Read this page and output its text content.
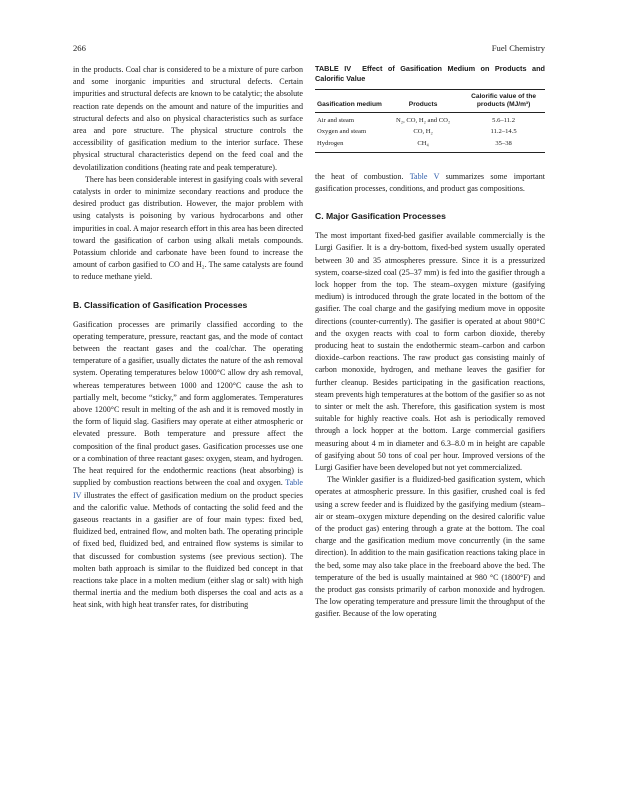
266	Fuel Chemistry

in the products. Coal char is considered to be a mixture of pure carbon and some inorganic impurities and structural defects. Certain impurities and structural defects are known to be catalytic; the absolute reaction rate depends on the amount and nature of the impurities and structural defects and also on physical characteristics such as surface area and pore structure. The physical structure controls the accessibility of gasification medium to the interior surface. These physical structural characteristics depend on the feed coal and the devolatilization conditions (heating rate and peak temperature).

There has been considerable interest in gasifying coals with several catalysts in order to minimize secondary reactions and produce the desired product gas distribution. However, the major problem with using catalysts is poisoning by various hydrocarbons and other impurities in coal. A major research effort in this area has been directed toward the gasification of carbon using alkali metals compounds. Potassium chloride and carbonate have been found to increase the amount of carbon gasified to CO and H₂. The same catalysts are found to reduce methane yield.

B. Classification of Gasification Processes

Gasification processes are primarily classified according to the operating temperature, pressure, reactant gas, and the mode of contact between the reactant gases and the coal/char. The operating temperature of a gasifier, usually dictates the nature of the ash removal system. Operating temperatures below 1000°C allow dry ash removal, whereas temperatures between 1000 and 1200°C cause the ash to partially melt, become “sticky,” and form agglomerates. Temperatures above 1200°C result in melting of the ash and it is removed mostly in the form of liquid slag. Gasifiers may operate at either atmospheric or elevated pressure. Both temperature and pressure affect the composition of the final product gases. Gasification processes use one or a combination of three reactant gases: oxygen, steam, and hydrogen. The heat required for the endothermic reactions (heat absorbing) is supplied by combustion reactions between the coal and oxygen. Table IV illustrates the effect of gasification medium on the product species and the calorific value. Methods of contacting the solid feed and the gaseous reactants in a gasifier are of four main types: fixed bed, fluidized bed, entrained flow, and molten bath. The operating principle of fixed bed, fluidized bed, and entrained flow systems is similar to that discussed for combustion systems (see previous section). The molten bath approach is similar to the fluidized bed concept in that reactions take place in a molten medium (either slag or salt) with high thermal inertia and the medium both disperses the coal and acts as a heat sink, with high heat transfer rates, for distributing

TABLE IV Effect of Gasification Medium on Products and Calorific Value
Gasification medium	Products	Calorific value of the products (MJ/m³)
Air and steam	N₂, CO, H₂ and CO₂	5.6–11.2
Oxygen and steam	CO, H₂	11.2–14.5
Hydrogen	CH₄	35–38

the heat of combustion. Table V summarizes some important gasification processes, conditions, and product gas compositions.

C. Major Gasification Processes

The most important fixed-bed gasifier available commercially is the Lurgi Gasifier. It is a dry-bottom, fixed-bed system usually operated between 30 and 35 atmospheres pressure. Since it is a pressurized system, coarse-sized coal (25–37 mm) is fed into the gasifier through a lock hopper from the top. The steam–oxygen mixture (gasifying medium) is introduced through the grate located in the bottom of the gasifier. The coal charge and the gasifying medium move in opposite directions (counter-currently). The gasifier is operated at about 980°C and the oxygen reacts with coal to form carbon dioxide, thereby producing heat to sustain the endothermic steam–carbon and carbon dioxide–carbon reactions. The raw product gas consisting mainly of carbon monoxide, hydrogen, and methane leaves the gasifier for further cleanup. Besides participating in the gasification reactions, steam prevents high temperatures at the bottom of the gasifier so as not to sinter or melt the ash. Therefore, this gasification system is most suitable for highly reactive coals. Hot ash is periodically removed through a lock hopper at the bottom. Large commercial gasifiers measuring about 4 m in diameter and 6.3–8.0 m in height are capable of gasifying about 50 tons of coal per hour. Improved versions of the Lurgi Gasifier have been developed but not yet commercialized.

The Winkler gasifier is a fluidized-bed gasification system, which operates at atmospheric pressure. In this gasifier, crushed coal is fed using a screw feeder and is fluidized by the gasifying medium (steam–air or steam–oxygen mixture depending on the desired calorific value of the product gas) entering through a grate at the bottom. The coal charge and the gasification medium move concurrently (in the same direction). In addition to the main gasification reactions taking place in the bed, some may also take place in the freeboard above the bed. The temperature of the bed is usually maintained at 980 °C (1800°F) and the product gas consists primarily of carbon monoxide and hydrogen. The low operating temperature and pressure limit the throughput of the gasifier. Because of the low operating
